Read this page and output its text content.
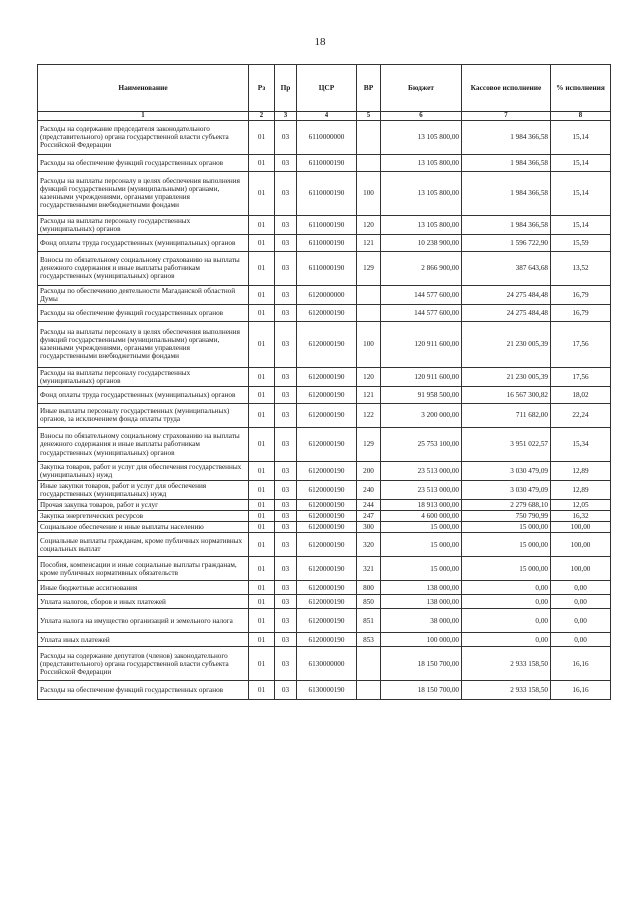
18
Наименование	Рз	Пр	ЦСР	ВР	Бюджет	Кассовое исполнение	% исполнения
1	2	3	4	5	6	7	8
Расходы на содержание председателя законодательного (представительного) органа государственной власти субъекта Российской Федерации	01	03	6110000000		13 105 800,00	1 984 366,58	15,14
Расходы на обеспечение функций государственных органов	01	03	6110000190		13 105 800,00	1 984 366,58	15,14
Расходы на выплаты персоналу в целях обеспечения выполнения функций государственными (муниципальными) органами, казенными учреждениями, органами управления государственными внебюджетными фондами	01	03	6110000190	100	13 105 800,00	1 984 366,58	15,14
Расходы на выплаты персоналу государственных (муниципальных) органов	01	03	6110000190	120	13 105 800,00	1 984 366,58	15,14
Фонд оплаты труда государственных (муниципальных) органов	01	03	6110000190	121	10 238 900,00	1 596 722,90	15,59
Взносы по обязательному социальному страхованию на выплаты денежного содержания и иные выплаты работникам государственных (муниципальных) органов	01	03	6110000190	129	2 866 900,00	387 643,68	13,52
Расходы по обеспечению деятельности Магаданской областной Думы	01	03	6120000000		144 577 600,00	24 275 484,48	16,79
Расходы на обеспечение функций государственных органов	01	03	6120000190		144 577 600,00	24 275 484,48	16,79
Расходы на выплаты персоналу в целях обеспечения выполнения функций государственными (муниципальными) органами, казенными учреждениями, органами управления государственными внебюджетными фондами	01	03	6120000190	100	120 911 600,00	21 230 005,39	17,56
Расходы на выплаты персоналу государственных (муниципальных) органов	01	03	6120000190	120	120 911 600,00	21 230 005,39	17,56
Фонд оплаты труда государственных (муниципальных) органов	01	03	6120000190	121	91 958 500,00	16 567 300,82	18,02
Иные выплаты персоналу государственных (муниципальных) органов, за исключением фонда оплаты труда	01	03	6120000190	122	3 200 000,00	711 682,00	22,24
Взносы по обязательному социальному страхованию на выплаты денежного содержания и иные выплаты работникам государственных (муниципальных) органов	01	03	6120000190	129	25 753 100,00	3 951 022,57	15,34
Закупка товаров, работ и услуг для обеспечения государственных (муниципальных) нужд	01	03	6120000190	200	23 513 000,00	3 030 479,09	12,89
Иные закупки товаров, работ и услуг для обеспечения государственных (муниципальных) нужд	01	03	6120000190	240	23 513 000,00	3 030 479,09	12,89
Прочая закупка товаров, работ и услуг	01	03	6120000190	244	18 913 000,00	2 279 688,10	12,05
Закупка энергетических ресурсов	01	03	6120000190	247	4 600 000,00	750 790,99	16,32
Социальное обеспечение и иные выплаты населению	01	03	6120000190	300	15 000,00	15 000,00	100,00
Социальные выплаты гражданам, кроме публичных нормативных социальных выплат	01	03	6120000190	320	15 000,00	15 000,00	100,00
Пособия, компенсации и иные социальные выплаты гражданам, кроме публичных нормативных обязательств	01	03	6120000190	321	15 000,00	15 000,00	100,00
Иные бюджетные ассигнования	01	03	6120000190	800	138 000,00	0,00	0,00
Уплата налогов, сборов и иных платежей	01	03	6120000190	850	138 000,00	0,00	0,00
Уплата налога на имущество организаций и земельного налога	01	03	6120000190	851	38 000,00	0,00	0,00
Уплата иных платежей	01	03	6120000190	853	100 000,00	0,00	0,00
Расходы на содержание депутатов (членов) законодательного (представительного) органа государственной власти субъекта Российской Федерации	01	03	6130000000		18 150 700,00	2 933 158,50	16,16
Расходы на обеспечение функций государственных органов	01	03	6130000190		18 150 700,00	2 933 158,50	16,16
